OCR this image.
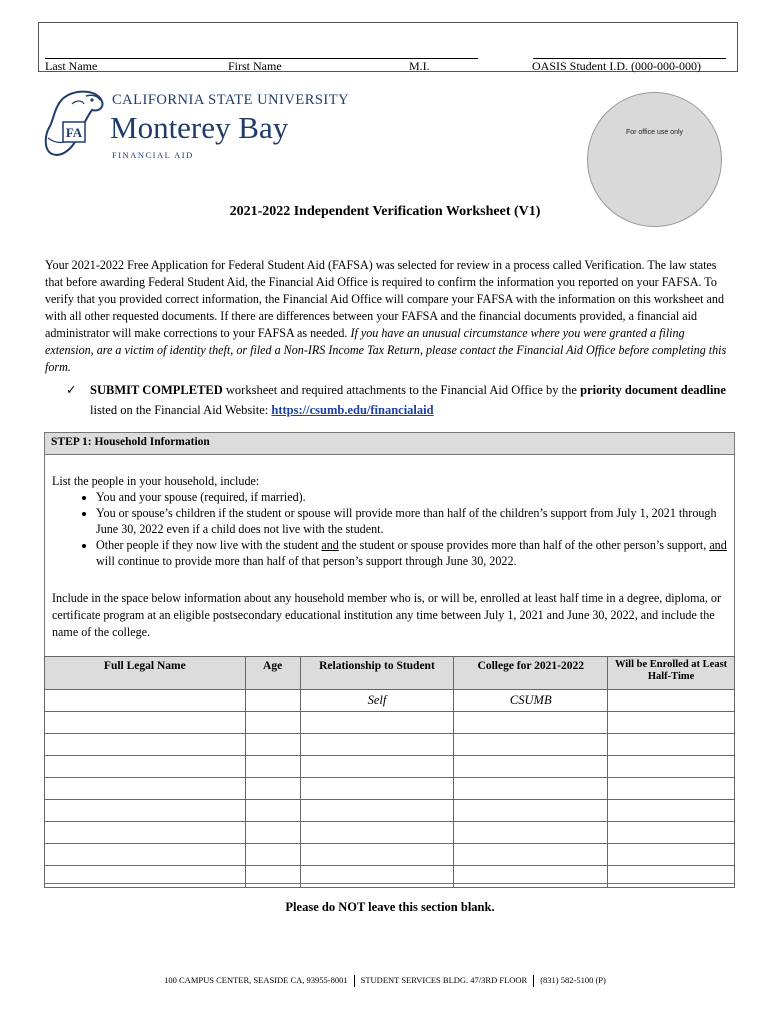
Last Name	First Name	M.I.	OASIS Student I.D. (000-000-000)
FA
CALIFORNIA STATE UNIVERSITY
Monterey Bay
FINANCIAL AID
For office use only
2021-2022 Independent Verification Worksheet (V1)
Your 2021-2022 Free Application for Federal Student Aid (FAFSA) was selected for review in a process called Verification. The law states that before awarding Federal Student Aid, the Financial Aid Office is required to confirm the information you reported on your FAFSA. To verify that you provided correct information, the Financial Aid Office will compare your FAFSA with the information on this worksheet and with all other requested documents. If there are differences between your FAFSA and the financial documents provided, a financial aid administrator will make corrections to your FAFSA as needed. If you have an unusual circumstance where you were granted a filing extension, are a victim of identity theft, or filed a Non-IRS Income Tax Return, please contact the Financial Aid Office before completing this form.
✓ SUBMIT COMPLETED worksheet and required attachments to the Financial Aid Office by the priority document deadline listed on the Financial Aid Website: https://csumb.edu/financialaid
STEP 1: Household Information
List the people in your household, include:
• You and your spouse (required, if married).
• You or spouse’s children if the student or spouse will provide more than half of the children’s support from July 1, 2021 through June 30, 2022 even if a child does not live with the student.
• Other people if they now live with the student and the student or spouse provides more than half of the other person’s support, and will continue to provide more than half of that person’s support through June 30, 2022.
Include in the space below information about any household member who is, or will be, enrolled at least half time in a degree, diploma, or certificate program at an eligible postsecondary educational institution any time between July 1, 2021 and June 30, 2022, and include the name of the college.
Full Legal Name	Age	Relationship to Student	College for 2021-2022	Will be Enrolled at Least Half-Time
		Self	CSUMB	

Please do NOT leave this section blank.
100 CAMPUS CENTER, SEASIDE CA, 93955-8001 STUDENT SERVICES BLDG. 47/3RD FLOOR (831) 582-5100 (P)
